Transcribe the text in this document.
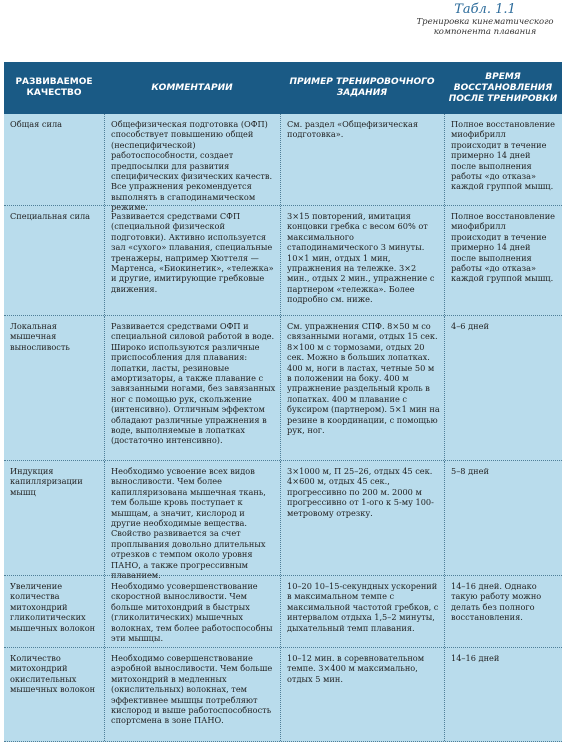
Табл. 1.1
Тренировка кинематического компонента плавания
РАЗВИВАЕМОЕ КАЧЕСТВО
КОММЕНТАРИИ
ПРИМЕР ТРЕНИРОВОЧНОГО ЗАДАНИЯ
ВРЕМЯ ВОССТАНОВЛЕНИЯ ПОСЛЕ ТРЕНИРОВКИ
Общая сила	Общефизическая подготовка (ОФП) способствует повышению общей (неспецифической) работоспособности, создает предпосылки для развития специфических физических качеств. Все упражнения рекомендуется выполнять в сгаподинамическом режиме.
См. раздел «Общефизическая подготовка».
Полное восстановление миофибрилл происходит в течение примерно 14 дней после выполнения работы «до отказа» каждой группой мышц.
Специальная сила	Развивается средствами СФП (специальной физической подготовки). Активно используется зал «сухого» плавания, специальные тренажеры, например Хюттеля — Мартенса, «Биокинетик», «тележка» и другие, имитирующие гребковые движения.
3×15 повторений, имитация концовки гребка с весом 60% от максимального стаподинамического 3 минуты. 10×1 мин, отдых 1 мин, упражнения на тележке. 3×2 мин., отдых 2 мин., упражнение с партнером «тележка». Более подробно см. ниже.
Полное восстановление миофибрилл происходит в течение примерно 14 дней после выполнения работы «до отказа» каждой группой мышц.
Локальная мышечная выносливость
Развивается средствами ОФП и специальной силовой работой в воде. Широко используются различные приспособления для плавания: лопатки, ласты, резиновые амортизаторы, а также плавание с завязанными ногами, без завязанных ног с помощью рук, скольжение (интенсивно). Отличным эффектом обладают различные упражнения в воде, выполняемые в лопатках (достаточно интенсивно).
См. упражнения СПФ. 8×50 м со связанными ногами, отдых 15 сек. 8×100 м с тормозами, отдых 20 сек. Можно в больших лопатках. 400 м, ноги в ластах, четные 50 м в положении на боку. 400 м упражнение раздельный кроль в лопатках. 400 м плавание с буксиром (партнером). 5×1 мин на резине в координации, с помощью рук, ног.
4–6 дней
Индукция капилляризации мышц
Необходимо усвоение всех видов выносливости. Чем более капилляризована мышечная ткань, тем больше кровь поступает к мышцам, а значит, кислород и другие необходимые вещества. Свойство развивается за счет проплывания довольно длительных отрезков с темпом около уровня ПАНО, а также прогрессивным плаванием.
3×1000 м, П 25–26, отдых 45 сек. 4×600 м, отдых 45 сек., прогрессивно по 200 м. 2000 м прогрессивно от 1-ого к 5-му 100-метровому отрезку.
5–8 дней
Увеличение количества митохондрий гликолитических мышечных волокон
Необходимо усовершенствование скоростной выносливости. Чем больше митохондрий в быстрых (гликолитических) мышечных волокнах, тем более работоспособны эти мышцы.
10–20 10–15-секундных ускорений в максимальном темпе с максимальной частотой гребков, с интервалом отдыха 1,5–2 минуты, дыхательный темп плавания.
14–16 дней. Однако такую работу можно делать без полного восстановления.
Количество митохондрий окислительных мышечных волокон
Необходимо совершенствование аэробной выносливости. Чем больше митохондрий в медленных (окислительных) волокнах, тем эффективнее мышцы потребляют кислород и выше работоспособность спортсмена в зоне ПАНО.
10–12 мин. в соревновательном темпе. 3×400 м максимально, отдых 5 мин.
14–16 дней
